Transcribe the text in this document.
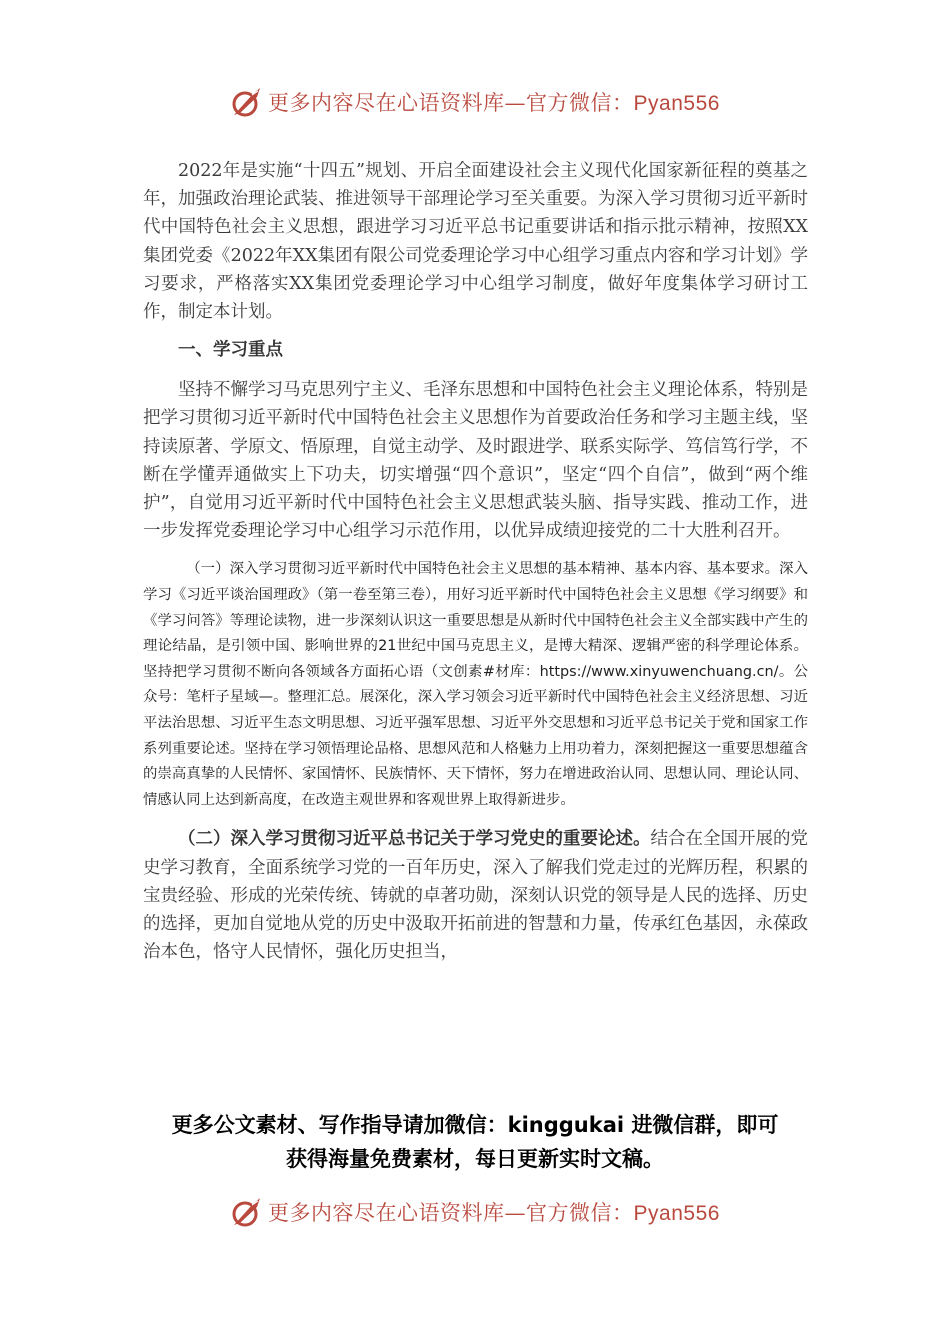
更多内容尽在心语资料库—官方微信：Pyan556

2022年是实施“十四五”规划、开启全面建设社会主义现代化国家新征程的奠基之年，加强政治理论武装、推进领导干部理论学习至关重要。为深入学习贯彻习近平新时代中国特色社会主义思想，跟进学习习近平总书记重要讲话和指示批示精神，按照XX集团党委《2022年XX集团有限公司党委理论学习中心组学习重点内容和学习计划》学习要求，严格落实XX集团党委理论学习中心组学习制度，做好年度集体学习研讨工作，制定本计划。

一、学习重点

坚持不懈学习马克思列宁主义、毛泽东思想和中国特色社会主义理论体系，特别是把学习贯彻习近平新时代中国特色社会主义思想作为首要政治任务和学习主题主线，坚持读原著、学原文、悟原理，自觉主动学、及时跟进学、联系实际学、笃信笃行学，不断在学懂弄通做实上下功夫，切实增强“四个意识”，坚定“四个自信”，做到“两个维护”，自觉用习近平新时代中国特色社会主义思想武装头脑、指导实践、推动工作，进一步发挥党委理论学习中心组学习示范作用，以优异成绩迎接党的二十大胜利召开。

（一）深入学习贯彻习近平新时代中国特色社会主义思想的基本精神、基本内容、基本要求。深入学习《习近平谈治国理政》（第一卷至第三卷），用好习近平新时代中国特色社会主义思想《学习纲要》和《学习问答》等理论读物，进一步深刻认识这一重要思想是从新时代中国特色社会主义全部实践中产生的理论结晶，是引领中国、影响世界的21世纪中国马克思主义，是博大精深、逻辑严密的科学理论体系。坚持把学习贯彻不断向各领域各方面拓心语（文创素#材库：https://www.xinyuwenchuang.cn/。公众号：笔杆子星域—。整理汇总。展深化，深入学习领会习近平新时代中国特色社会主义经济思想、习近平法治思想、习近平生态文明思想、习近平强军思想、习近平外交思想和习近平总书记关于党和国家工作系列重要论述。坚持在学习领悟理论品格、思想风范和人格魅力上用功着力，深刻把握这一重要思想蕴含的崇高真挚的人民情怀、家国情怀、民族情怀、天下情怀，努力在增进政治认同、思想认同、理论认同、情感认同上达到新高度，在改造主观世界和客观世界上取得新进步。

（二）深入学习贯彻习近平总书记关于学习党史的重要论述。结合在全国开展的党史学习教育，全面系统学习党的一百年历史，深入了解我们党走过的光辉历程，积累的宝贵经验、形成的光荣传统、铸就的卓著功勋，深刻认识党的领导是人民的选择、历史的选择，更加自觉地从党的历史中汲取开拓前进的智慧和力量，传承红色基因，永葆政治本色，恪守人民情怀，强化历史担当，

更多公文素材、写作指导请加微信：kinggukai 进微信群，即可
获得海量免费素材，每日更新实时文稿。
更多内容尽在心语资料库—官方微信：Pyan556
